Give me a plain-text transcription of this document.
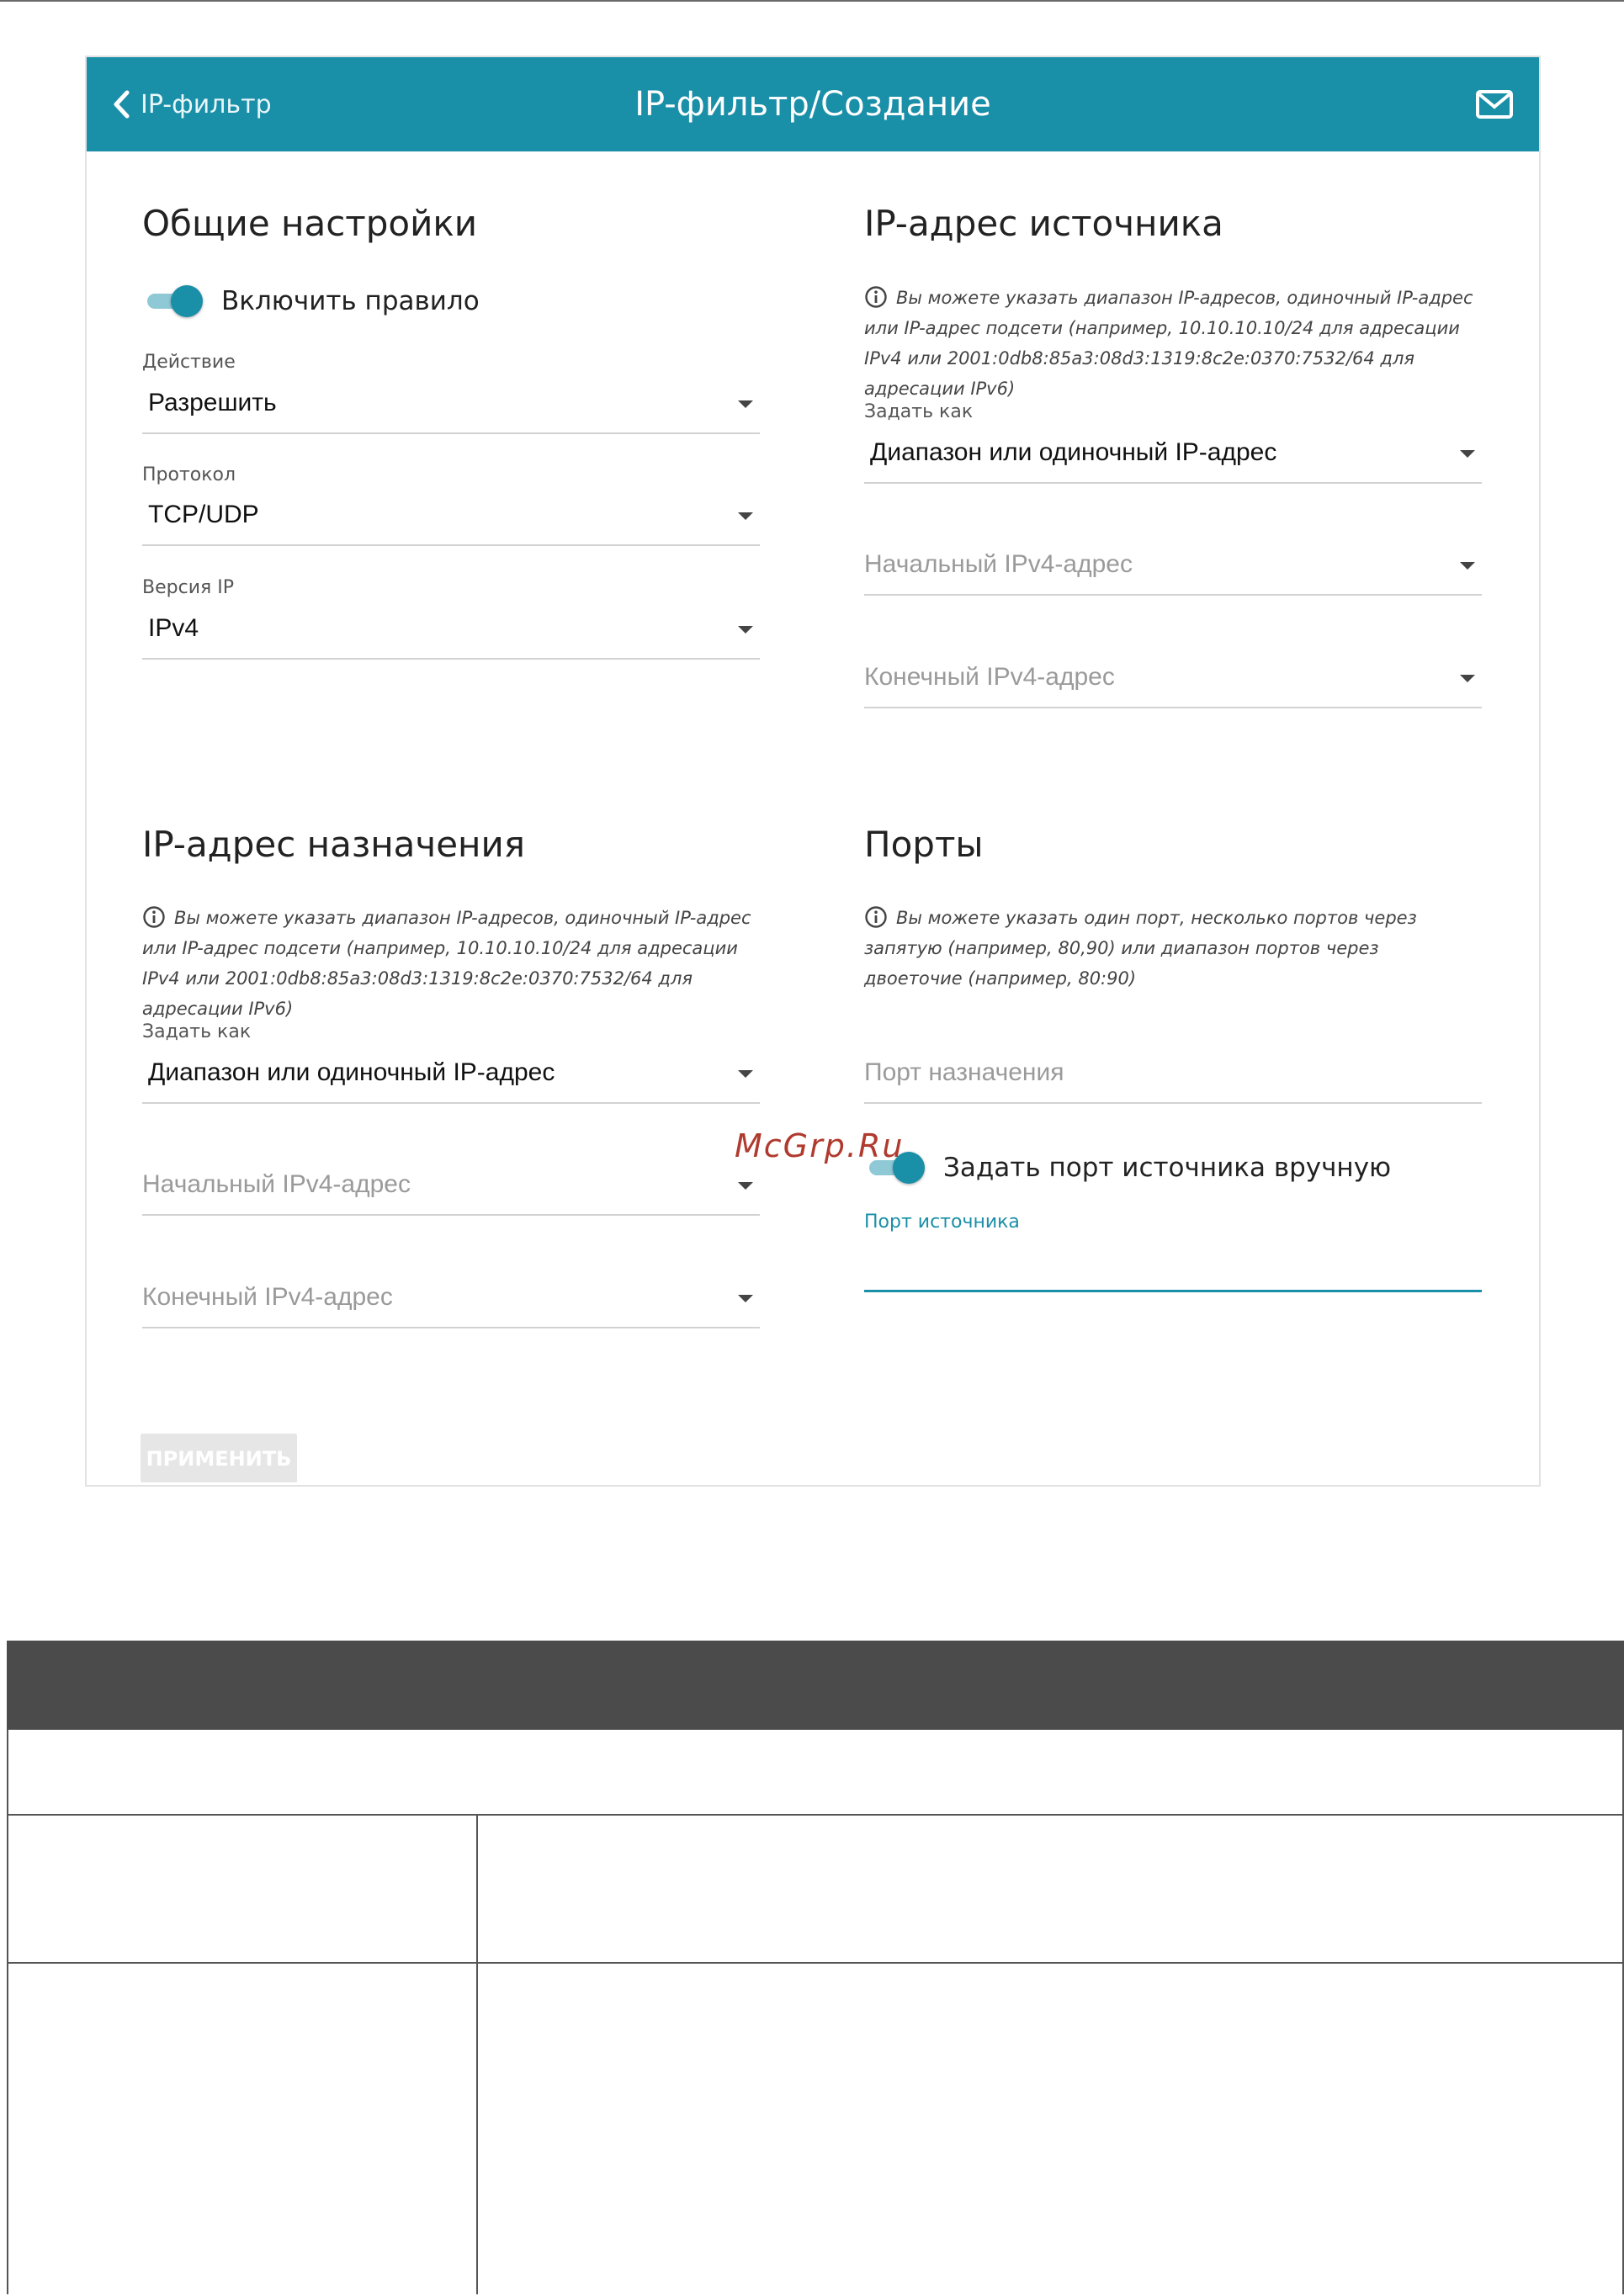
IP-фильтр	IP-фильтр/Создание
Общие настройки
Включить правило
Действие
Разрешить
Протокол
TCP/UDP
Версия IP
IPv4
IP-адрес источника
Вы можете указать диапазон IP-адресов, одиночный IP-адрес или IP-адрес подсети (например, 10.10.10.10/24 для адресации IPv4 или 2001:0db8:85a3:08d3:1319:8c2e:0370:7532/64 для адресации IPv6)
Задать как
Диапазон или одиночный IP-адрес
Начальный IPv4-адрес
Конечный IPv4-адрес
IP-адрес назначения
Вы можете указать диапазон IP-адресов, одиночный IP-адрес или IP-адрес подсети (например, 10.10.10.10/24 для адресации IPv4 или 2001:0db8:85a3:08d3:1319:8c2e:0370:7532/64 для адресации IPv6)
Задать как
Диапазон или одиночный IP-адрес
Начальный IPv4-адрес
Конечный IPv4-адрес
Порты
Вы можете указать один порт, несколько портов через запятую (например, 80,90) или диапазон портов через двоеточие (например, 80:90)
Порт назначения
Задать порт источника вручную
Порт источника
ПРИМЕНИТЬ
McGrp.Ru
